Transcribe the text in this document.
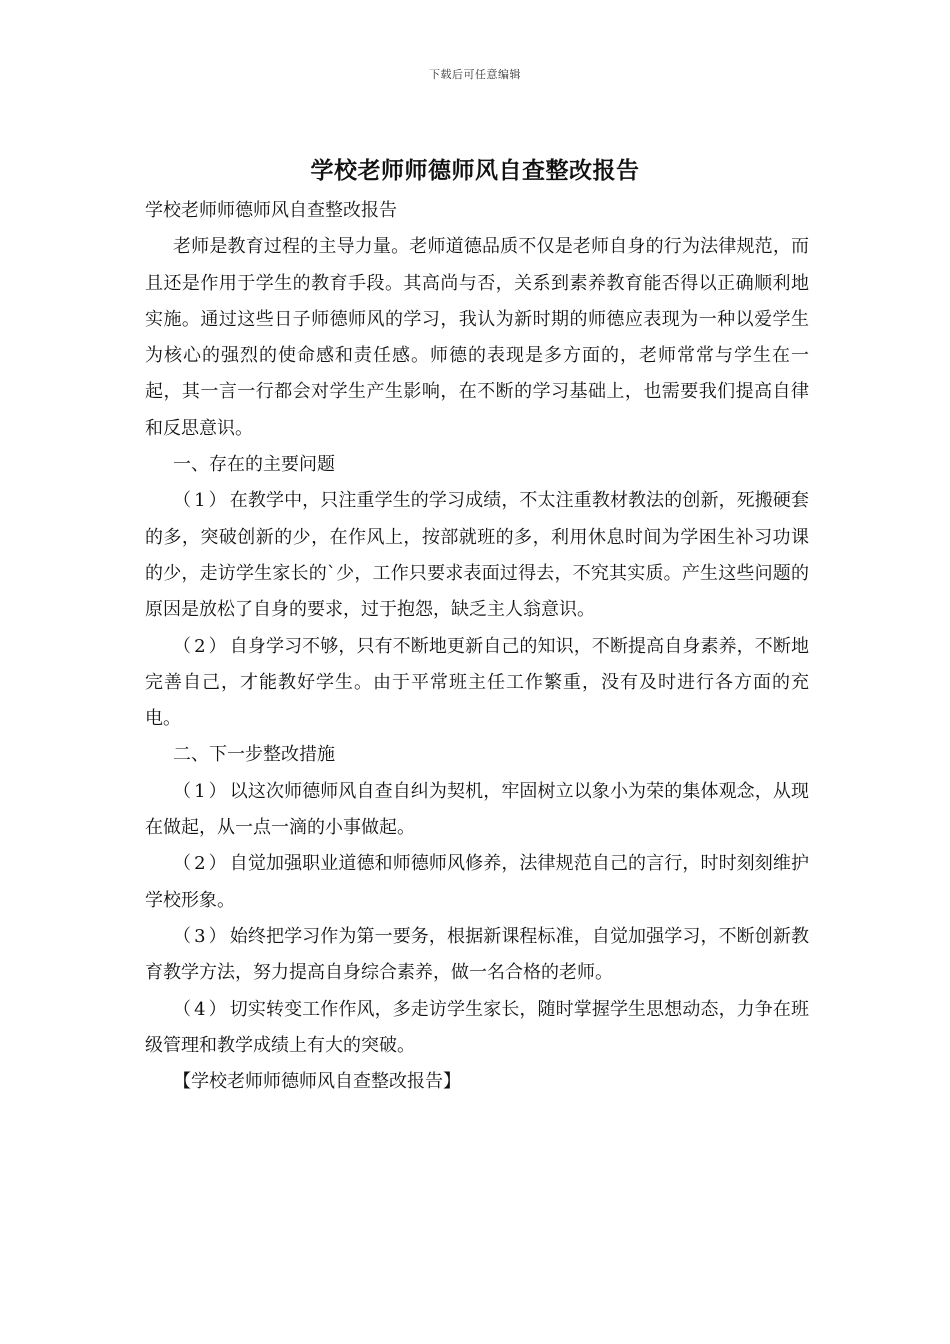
下载后可任意编辑
学校老师师德师风自查整改报告

学校老师师德师风自查整改报告

老师是教育过程的主导力量。老师道德品质不仅是老师自身的行为法律规范，而且还是作用于学生的教育手段。其高尚与否，关系到素养教育能否得以正确顺利地实施。通过这些日子师德师风的学习，我认为新时期的师德应表现为一种以爱学生为核心的强烈的使命感和责任感。师德的表现是多方面的，老师常常与学生在一起，其一言一行都会对学生产生影响，在不断的学习基础上，也需要我们提高自律和反思意识。

一、存在的主要问题

（1）在教学中，只注重学生的学习成绩，不太注重教材教法的创新，死搬硬套的多，突破创新的少，在作风上，按部就班的多，利用休息时间为学困生补习功课的少，走访学生家长的`少，工作只要求表面过得去，不究其实质。产生这些问题的原因是放松了自身的要求，过于抱怨，缺乏主人翁意识。

（2）自身学习不够，只有不断地更新自己的知识，不断提高自身素养，不断地完善自己，才能教好学生。由于平常班主任工作繁重，没有及时进行各方面的充电。

二、下一步整改措施

（1）以这次师德师风自查自纠为契机，牢固树立以象小为荣的集体观念，从现在做起，从一点一滴的小事做起。

（2）自觉加强职业道德和师德师风修养，法律规范自己的言行，时时刻刻维护学校形象。

（3）始终把学习作为第一要务，根据新课程标准，自觉加强学习，不断创新教育教学方法，努力提高自身综合素养，做一名合格的老师。

（4）切实转变工作作风，多走访学生家长，随时掌握学生思想动态，力争在班级管理和教学成绩上有大的突破。

【学校老师师德师风自查整改报告】
